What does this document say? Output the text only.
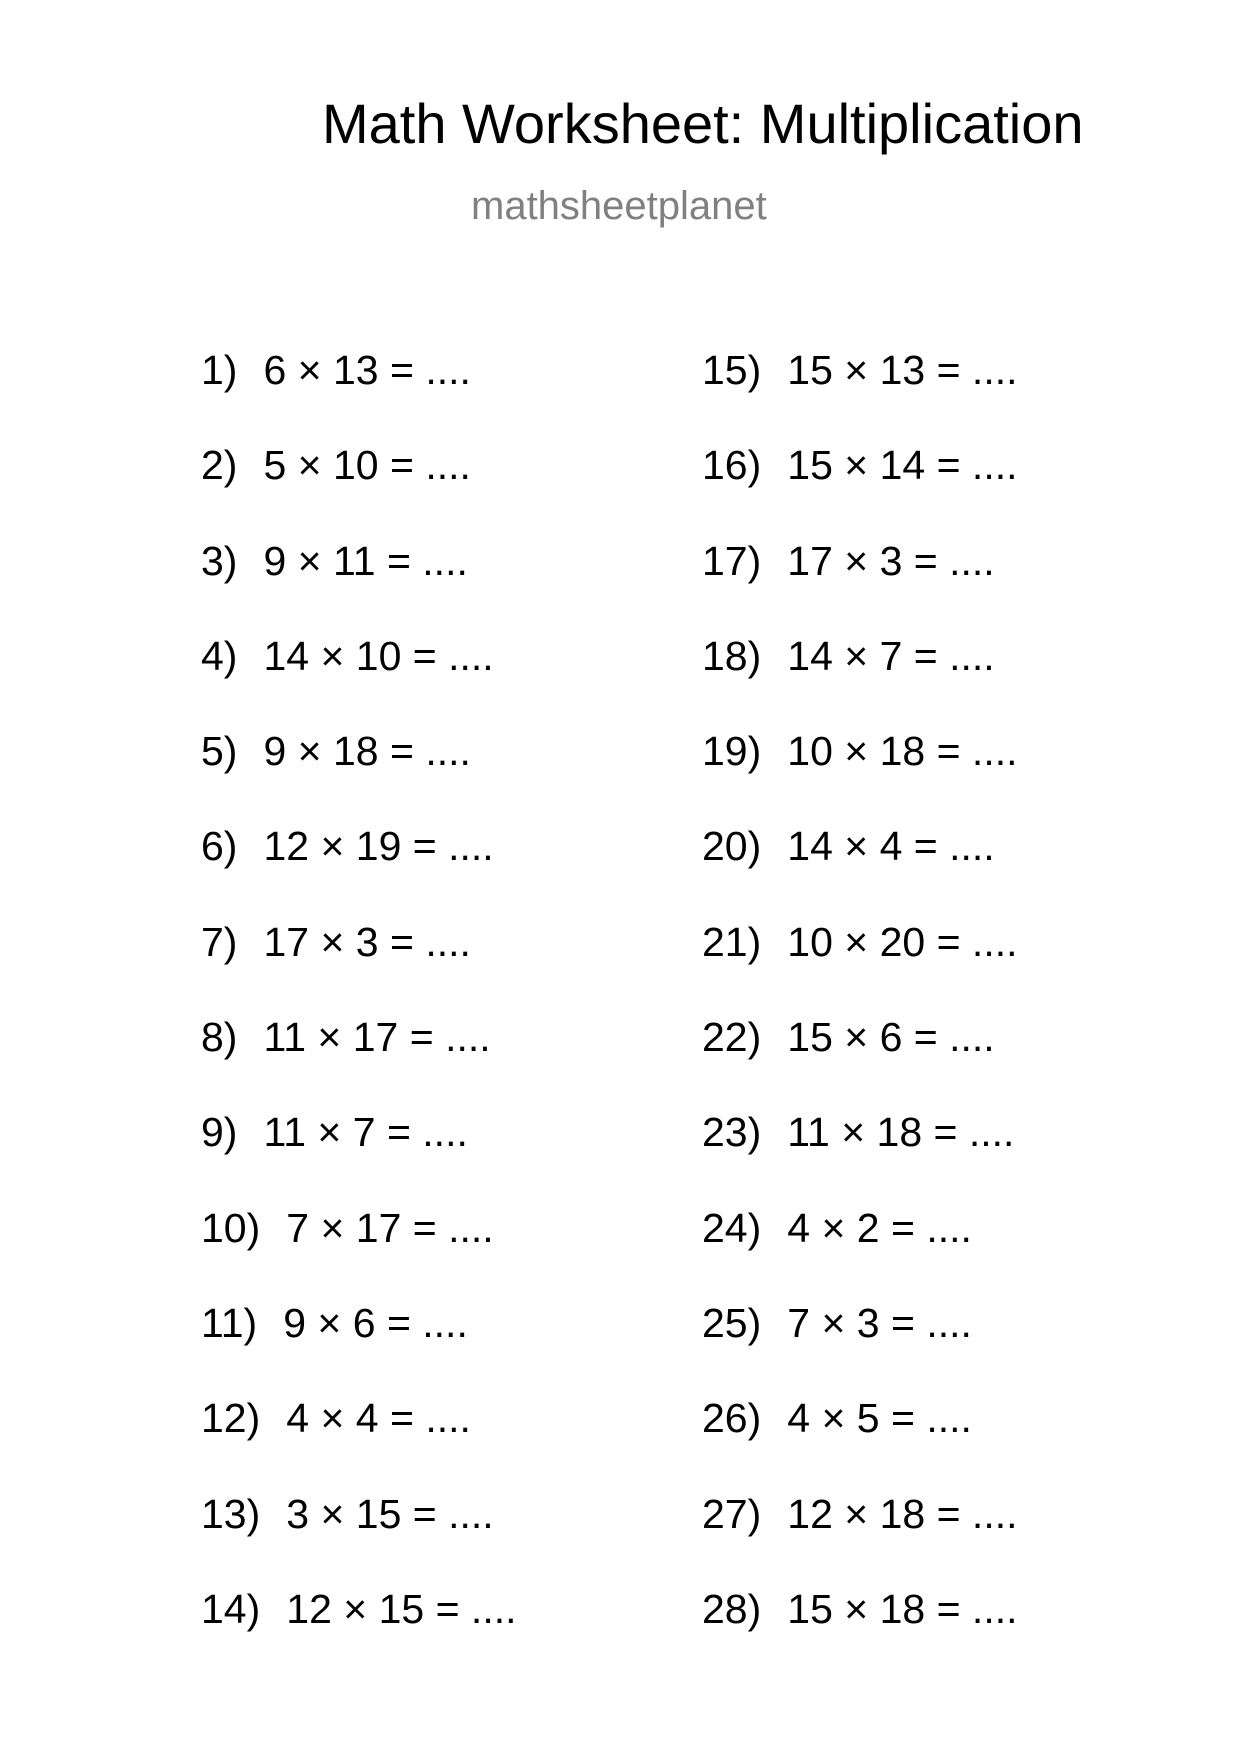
Math Worksheet: Multiplication
mathsheetplanet
1) 6 × 13 = ....
2) 5 × 10 = ....
3) 9 × 11 = ....
4) 14 × 10 = ....
5) 9 × 18 = ....
6) 12 × 19 = ....
7) 17 × 3 = ....
8) 11 × 17 = ....
9) 11 × 7 = ....
10) 7 × 17 = ....
11) 9 × 6 = ....
12) 4 × 4 = ....
13) 3 × 15 = ....
14) 12 × 15 = ....
15) 15 × 13 = ....
16) 15 × 14 = ....
17) 17 × 3 = ....
18) 14 × 7 = ....
19) 10 × 18 = ....
20) 14 × 4 = ....
21) 10 × 20 = ....
22) 15 × 6 = ....
23) 11 × 18 = ....
24) 4 × 2 = ....
25) 7 × 3 = ....
26) 4 × 5 = ....
27) 12 × 18 = ....
28) 15 × 18 = ....
